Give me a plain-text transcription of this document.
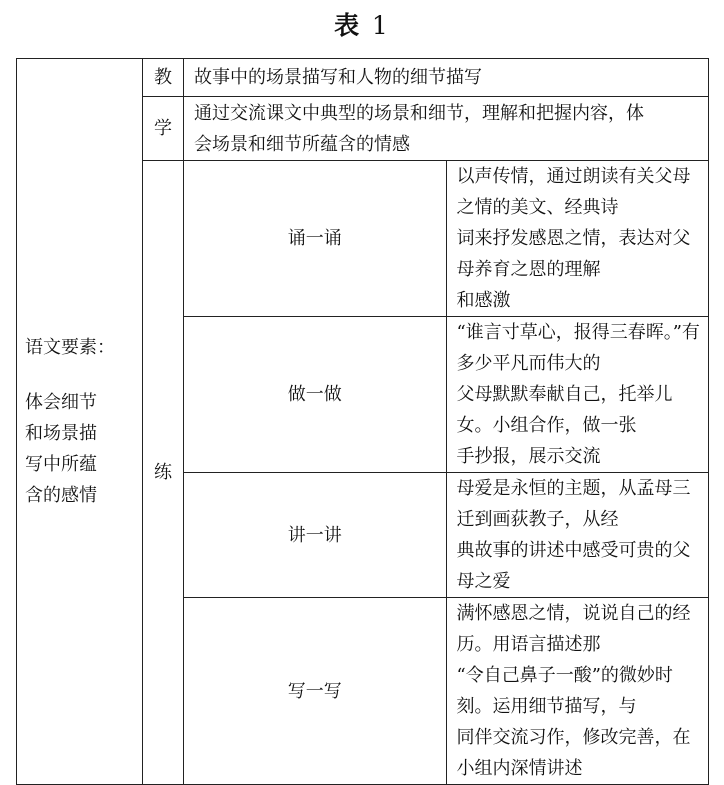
表 1
语文要素：
体会细节
和场景描
写中所蕴
含的感情	教	故事中的场景描写和人物的细节描写	
	学	通过交流课文中典型的场景和细节，理解和把握内容，体
会场景和细节所蕴含的情感	

	练	诵一诵	以声传情，通过朗读有关父母之情的美文、经典诗
词来抒发感恩之情，表达对父母养育之恩的理解
和感激

		做一做	“谁言寸草心，报得三春晖。”有多少平凡而伟大的
父母默默奉献自己，托举儿女。小组合作，做一张
手抄报，展示交流

		讲一讲	母爱是永恒的主题，从孟母三迁到画荻教子，从经
典故事的讲述中感受可贵的父母之爱

		写一写	满怀感恩之情，说说自己的经历。用语言描述那
“令自己鼻子一酸”的微妙时刻。运用细节描写，与
同伴交流习作，修改完善，在小组内深情讲述
